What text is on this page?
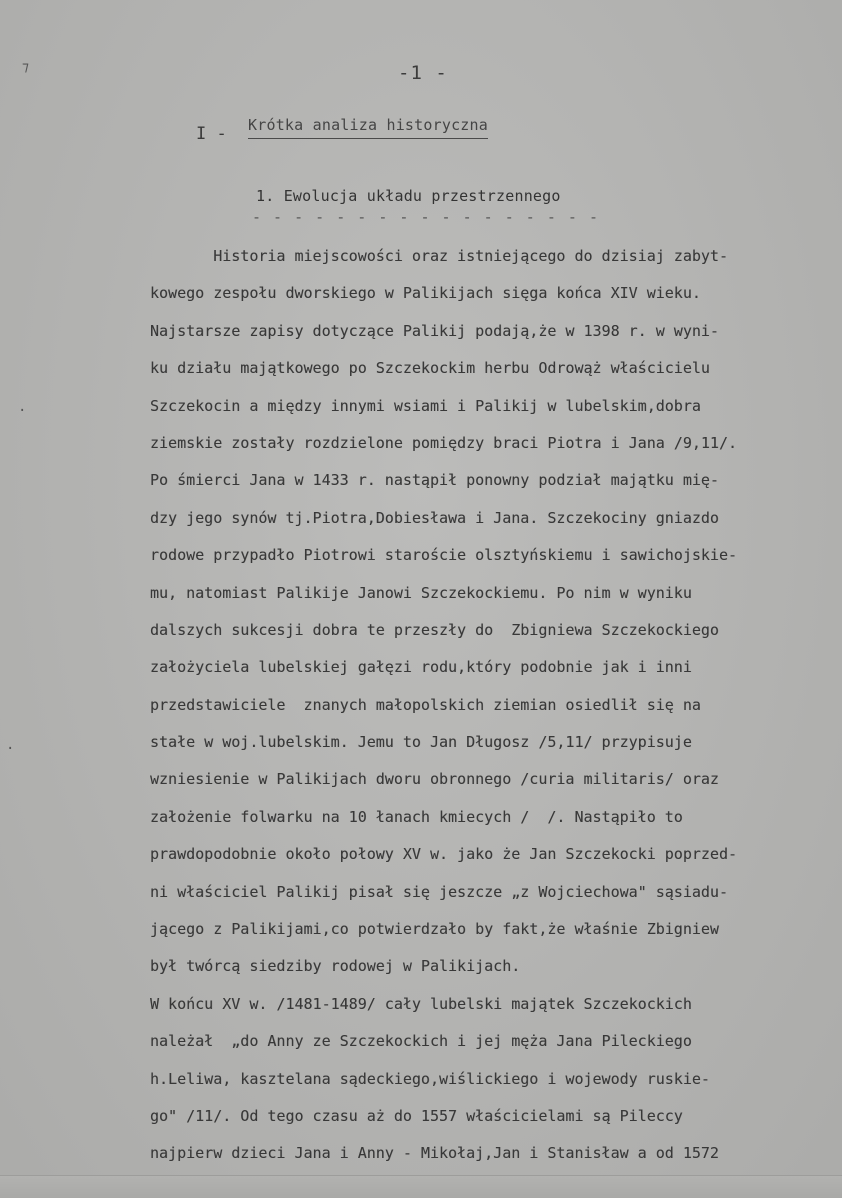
⁊
·
·
-1 -
I - Krótka analiza historyczna
1. Ewolucja układu przestrzennego
- - - - - - - - - - - - - - - - -
Historia miejscowości oraz istniejącego do dzisiaj zabyt-
kowego zespołu dworskiego w Palikijach sięga końca XIV wieku.
Najstarsze zapisy dotyczące Palikij podają,że w 1398 r. w wyni-
ku działu majątkowego po Szczekockim herbu Odrowąż właścicielu
Szczekocin a między innymi wsiami i Palikij w lubelskim,dobra
ziemskie zostały rozdzielone pomiędzy braci Piotra i Jana /9,11/.
Po śmierci Jana w 1433 r. nastąpił ponowny podział majątku mię-
dzy jego synów tj.Piotra,Dobiesława i Jana. Szczekociny gniazdo
rodowe przypadło Piotrowi staroście olsztyńskiemu i sawichojskie-
mu, natomiast Palikije Janowi Szczekockiemu. Po nim w wyniku
dalszych sukcesji dobra te przeszły do  Zbigniewa Szczekockiego
założyciela lubelskiej gałęzi rodu,który podobnie jak i inni
przedstawiciele  znanych małopolskich ziemian osiedlił się na
stałe w woj.lubelskim. Jemu to Jan Długosz /5,11/ przypisuje
wzniesienie w Palikijach dworu obronnego /curia militaris/ oraz
założenie folwarku na 10 łanach kmiecych /  /. Nastąpiło to
prawdopodobnie około połowy XV w. jako że Jan Szczekocki poprzed-
ni właściciel Palikij pisał się jeszcze „z Wojciechowa" sąsiadu-
jącego z Palikijami,co potwierdzało by fakt,że właśnie Zbigniew
był twórcą siedziby rodowej w Palikijach.
W końcu XV w. /1481-1489/ cały lubelski majątek Szczekockich
należał  „do Anny ze Szczekockich i jej męża Jana Pileckiego
h.Leliwa, kasztelana sądeckiego,wiślickiego i wojewody ruskie-
go" /11/. Od tego czasu aż do 1557 właścicielami są Pileccy
najpierw dzieci Jana i Anny - Mikołaj,Jan i Stanisław a od 1572
